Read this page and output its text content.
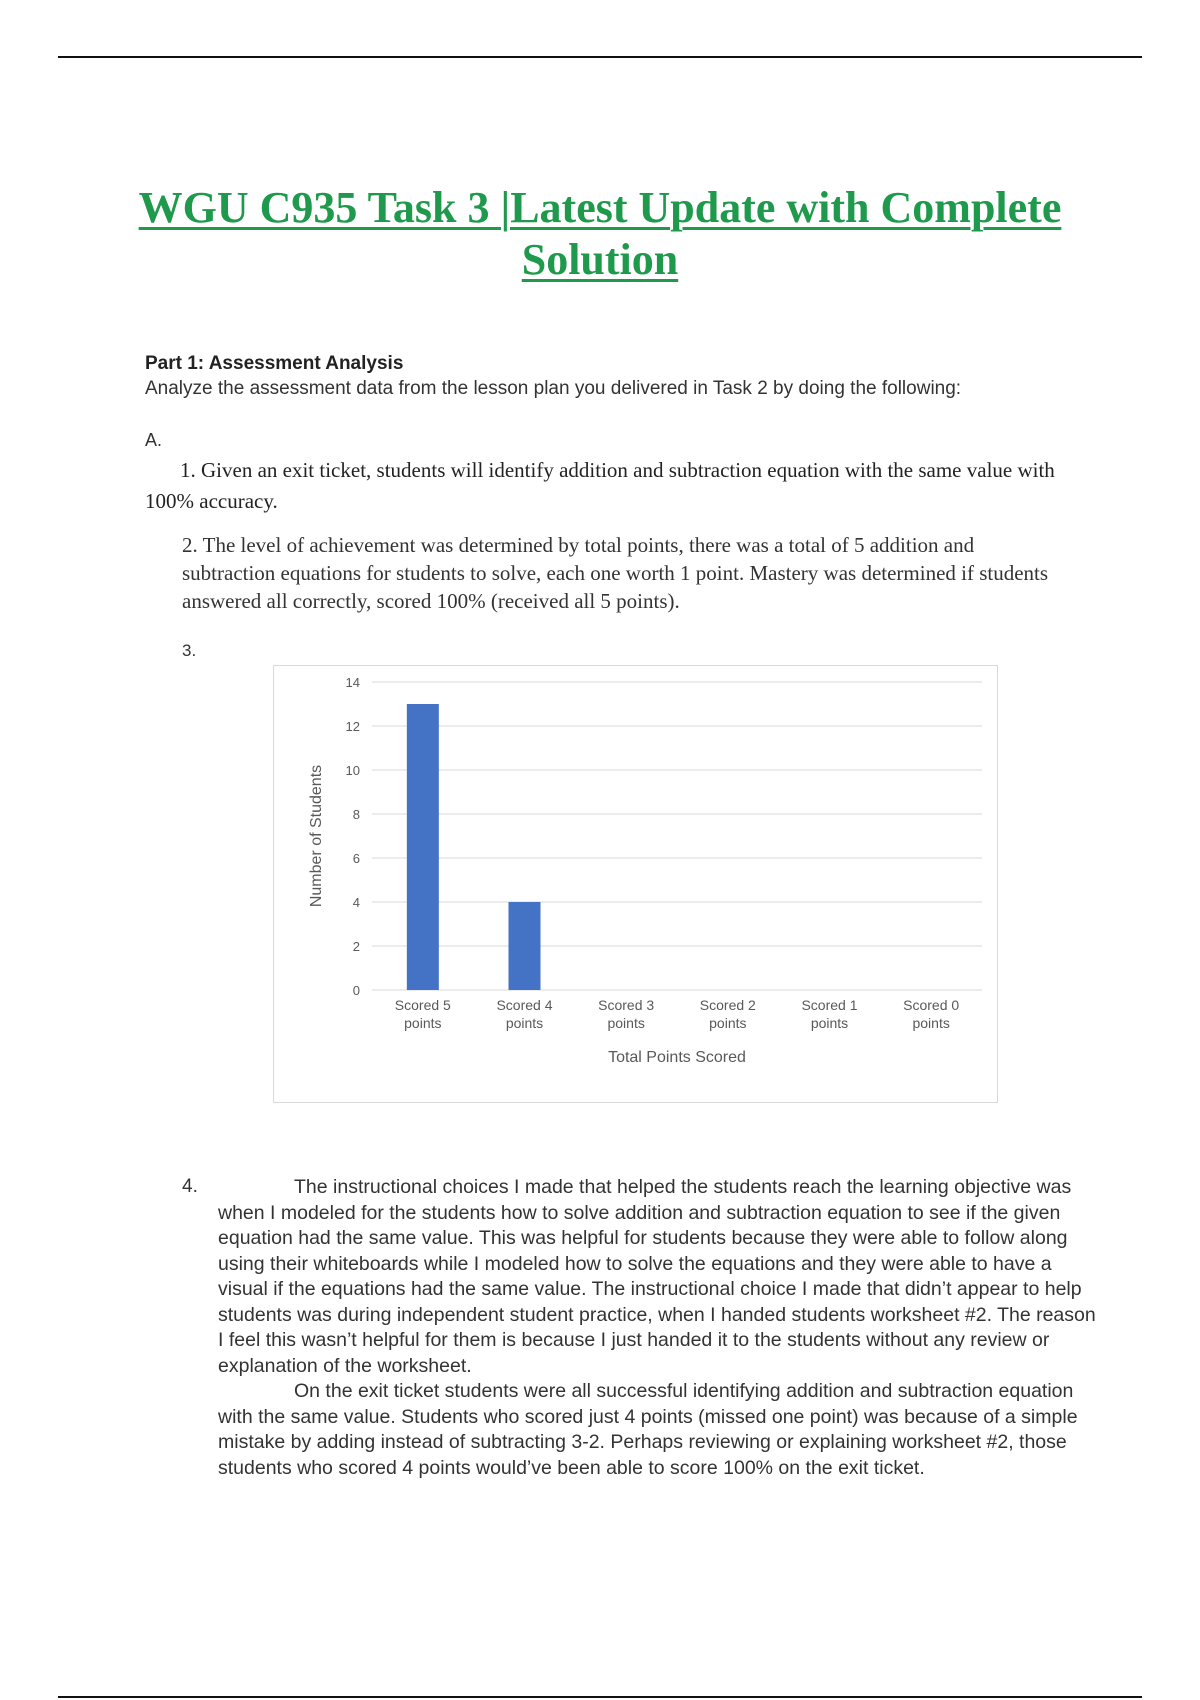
WGU C935 Task 3 |Latest Update with Complete Solution
Part 1: Assessment Analysis
Analyze the assessment data from the lesson plan you delivered in Task 2 by doing the following:
A.
1. Given an exit ticket, students will identify addition and subtraction equation with the same value with 100% accuracy.
2. The level of achievement was determined by total points, there was a total of 5 addition and subtraction equations for students to solve, each one worth 1 point. Mastery was determined if students answered all correctly, scored 100% (received all 5 points).
3.
0
2
4
6
8
10
12
14
Scored 5
points
Scored 4
points
Scored 3
points
Scored 2
points
Scored 1
points
Scored 0
points
Total Points Scored
Number of Students
4.	The instructional choices I made that helped the students reach the learning objective was when I modeled for the students how to solve addition and subtraction equation to see if the given equation had the same value. This was helpful for students because they were able to follow along using their whiteboards while I modeled how to solve the equations and they were able to have a visual if the equations had the same value. The instructional choice I made that didn’t appear to help students was during independent student practice, when I handed students worksheet #2. The reason I feel this wasn’t helpful for them is because I just handed it to the students without any review or explanation of the worksheet.

On the exit ticket students were all successful identifying addition and subtraction equation with the same value. Students who scored just 4 points (missed one point) was because of a simple mistake by adding instead of subtracting 3-2. Perhaps reviewing or explaining worksheet #2, those students who scored 4 points would’ve been able to score 100% on the exit ticket.
